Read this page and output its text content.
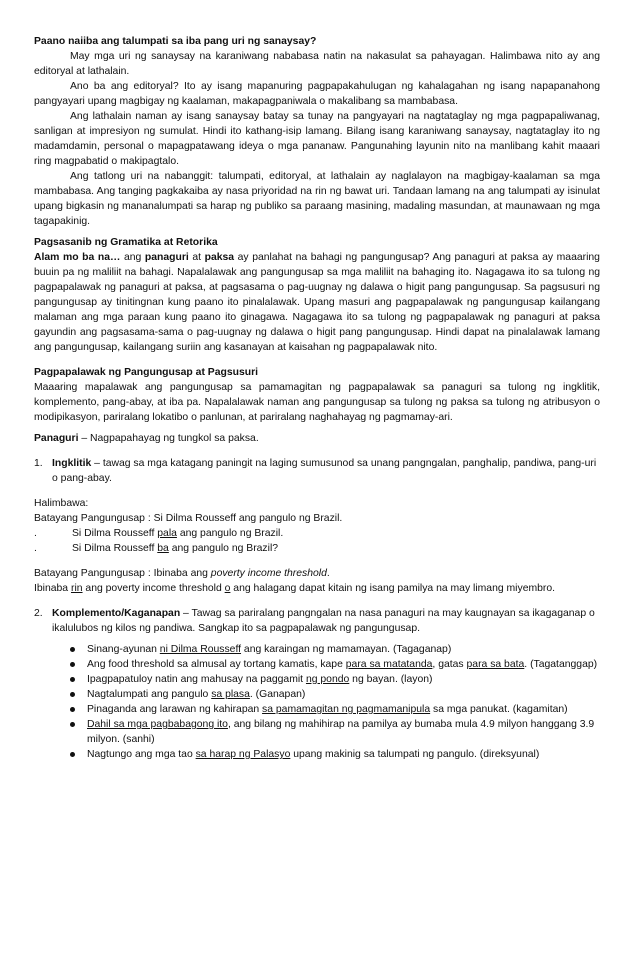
Paano naiiba ang talumpati sa iba pang uri ng sanaysay?

May mga uri ng sanaysay na karaniwang nababasa natin na nakasulat sa pahayagan. Halimbawa nito ay ang editoryal at lathalain.

Ano ba ang editoryal? Ito ay isang mapanuring pagpapakahulugan ng kahalagahan ng isang napapanahong pangyayari upang magbigay ng kaalaman, makapagpaniwala o makalibang sa mambabasa.

Ang lathalain naman ay isang sanaysay batay sa tunay na pangyayari na nagtataglay ng mga pagpapaliwanag, sanligan at impresiyon ng sumulat. Hindi ito kathang-isip lamang. Bilang isang karaniwang sanaysay, nagtataglay ito ng madamdamin, personal o mapagpatawang ideya o mga pananaw. Pangunahing layunin nito na manlibang kahit maaari ring magpabatid o makipagtalo.

Ang tatlong uri na nabanggit: talumpati, editoryal, at lathalain ay naglalayon na magbigay-kaalaman sa mga mambabasa. Ang tanging pagkakaiba ay nasa priyoridad na rin ng bawat uri. Tandaan lamang na ang talumpati ay isinulat upang bigkasin ng mananalumpati sa harap ng publiko sa paraang masining, madaling masundan, at maunawaan ng mga tagapakinig.

Pagsasanib ng Gramatika at Retorika

Alam mo ba na… ang panaguri at paksa ay panlahat na bahagi ng pangungusap? Ang panaguri at paksa ay maaaring buuin pa ng maliliit na bahagi. Napalalawak ang pangungusap sa mga maliliit na bahaging ito. Nagagawa ito sa tulong ng pagpapalawak ng panaguri at paksa, at pagsasama o pag-uugnay ng dalawa o higit pang pangungusap. Sa pagsusuri ng pangungusap ay tinitingnan kung paano ito pinalalawak. Upang masuri ang pagpapalawak ng pangungusap kailangang malaman ang mga paraan kung paano ito ginagawa. Nagagawa ito sa tulong ng pagpapalawak ng panaguri at paksa gayundin ang pagsasama-sama o pag-uugnay ng dalawa o higit pang pangungusap. Hindi dapat na pinalalawak lamang ang pangungusap, kailangang suriin ang kasanayan at kaisahan ng pagpapalawak nito.

Pagpapalawak ng Pangungusap at Pagsusuri

Maaaring mapalawak ang pangungusap sa pamamagitan ng pagpapalawak sa panaguri sa tulong ng ingklitik, komplemento, pang-abay, at iba pa. Napalalawak naman ang pangungusap sa tulong ng paksa sa tulong ng atribusyon o modipikasyon, pariralang lokatibo o panlunan, at pariralang naghahayag ng pagmamay-ari.

Panaguri – Nagpapahayag ng tungkol sa paksa.

1. Ingklitik – tawag sa mga katagang paningit na laging sumusunod sa unang pangngalan, panghalip, pandiwa, pang-uri o pang-abay.

Halimbawa:

Batayang Pangungusap : Si Dilma Rousseff ang pangulo ng Brazil.

.	Si Dilma Rousseff pala ang pangulo ng Brazil.
.	Si Dilma Rousseff ba ang pangulo ng Brazil?

Batayang Pangungusap : Ibinaba ang poverty income threshold.

Ibinaba rin ang poverty income threshold o ang halagang dapat kitain ng isang pamilya na may limang miyembro.

2. Komplemento/Kaganapan – Tawag sa pariralang pangngalan na nasa panaguri na may kaugnayan sa ikagaganap o ikalulubos ng kilos ng pandiwa. Sangkap ito sa pagpapalawak ng pangungusap.
Sinang-ayunan ni Dilma Rousseff ang karaingan ng mamamayan. (Tagaganap)
Ang food threshold sa almusal ay tortang kamatis, kape para sa matatanda, gatas para sa bata. (Tagatanggap)
Ipagpapatuloy natin ang mahusay na paggamit ng pondo ng bayan. (layon)
Nagtalumpati ang pangulo sa plasa. (Ganapan)
Pinaganda ang larawan ng kahirapan sa pamamagitan ng pagmamanipula sa mga panukat. (kagamitan)
Dahil sa mga pagbabagong ito, ang bilang ng mahihirap na pamilya ay bumaba mula 4.9 milyon hanggang 3.9 milyon. (sanhi)
Nagtungo ang mga tao sa harap ng Palasyo upang makinig sa talumpati ng pangulo. (direksyunal)
